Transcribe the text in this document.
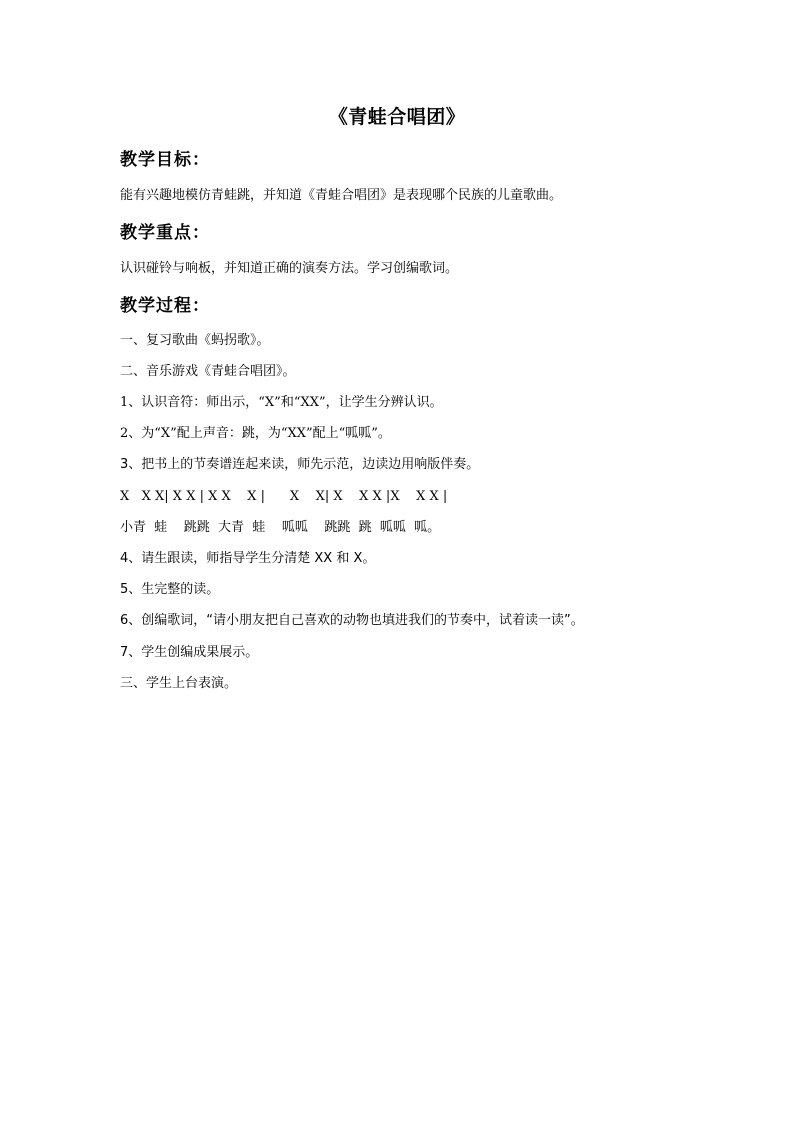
《青蛙合唱团》
教学目标：
能有兴趣地模仿青蛙跳，并知道《青蛙合唱团》是表现哪个民族的儿童歌曲。
教学重点：
认识碰铃与响板，并知道正确的演奏方法。学习创编歌词。
教学过程：
一、复习歌曲《蚂拐歌》。
二、音乐游戏《青蛙合唱团》。
1、认识音符：师出示，“X”和“XX”，让学生分辨认识。
2、为“X”配上声音：跳，为“XX”配上“呱呱”。
3、把书上的节奏谱连起来读，师先示范，边读边用响版伴奏。
X   X X| X X | X X    X |      X    X| X    X X |X    X X |
小青  蛙    跳跳  大青  蛙    呱呱    跳跳  跳  呱呱  呱。
4、请生跟读，师指导学生分清楚 XX 和 X。
5、生完整的读。
6、创编歌词，“请小朋友把自己喜欢的动物也填进我们的节奏中，试着读一读”。
7、学生创编成果展示。
三、学生上台表演。
